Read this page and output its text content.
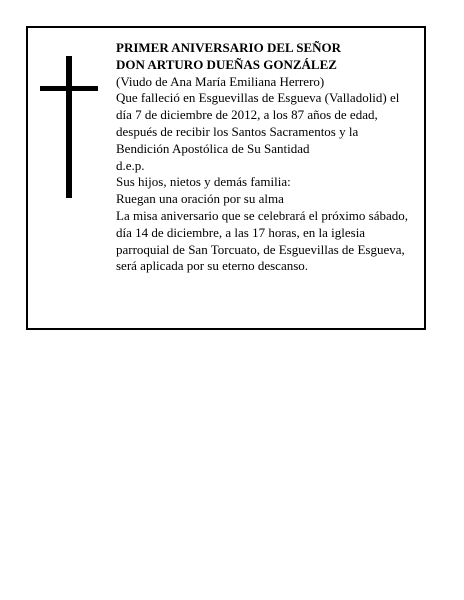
PRIMER ANIVERSARIO DEL SEÑOR
DON ARTURO DUEÑAS GONZÁLEZ
(Viudo de Ana María Emiliana Herrero)
Que falleció en Esguevillas de Esgueva (Valladolid) el
día 7 de diciembre de 2012, a los 87 años de edad,
después de recibir los Santos Sacramentos y la
Bendición Apostólica de Su Santidad
d.e.p.
Sus hijos, nietos y demás familia:
Ruegan una oración por su alma
La misa aniversario que se celebrará el próximo sábado,
día 14 de diciembre, a las 17 horas, en la iglesia
parroquial de San Torcuato, de Esguevillas de Esgueva,
será aplicada por su eterno descanso.
